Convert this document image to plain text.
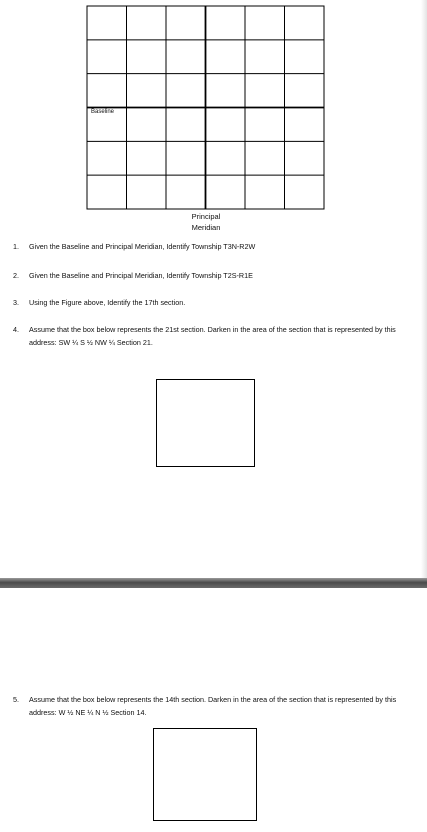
Baseline
Principal
Meridian
1. Given the Baseline and Principal Meridian, Identify Township T3N-R2W
2. Given the Baseline and Principal Meridian, Identify Township T2S-R1E
3. Using the Figure above, Identify the 17th section.
4. Assume that the box below represents the 21st section. Darken in the area of the section that is represented by this address: SW ¼ S ½ NW ¼ Section 21.
5. Assume that the box below represents the 14th section. Darken in the area of the section that is represented by this address: W ½ NE ¼ N ½ Section 14.
